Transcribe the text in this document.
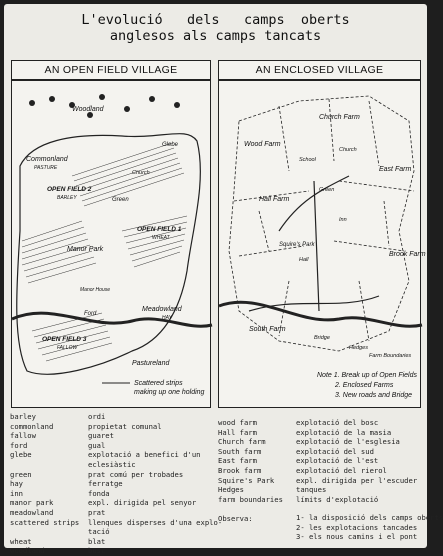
L'evolució   dels   camps  oberts
anglesos als camps tancats
AN OPEN FIELD VILLAGE
Woodland
Commonland
PASTURE
Glebe
Church
OPEN FIELD 2
BARLEY
OPEN FIELD 1
WHEAT
Green
Manor Park
Manor House
Meadowland
HAY
Ford
OPEN FIELD 3
FALLOW
Pastureland
Scattered strips
making up one holding
AN ENCLOSED VILLAGE
Church Farm
Wood Farm
Church
School
Green
East Farm
Hall Farm
Inn
Squire's Park
Hall
Brook Farm
South Farm
Bridge
Hedges
Farm Boundaries
Note 1. Break up of Open Fields
2. Enclosed Farms
3. New roads and Bridge
barley
commonland
fallow
ford
glebe

green
hay
inn
manor park
meadowland
scattered strips

wheat
woodland
ordi
propietat comunal
guaret
gual
explotació a benefici d'un
eclesiàstic
prat comú per trobades
ferratge
fonda
expl. dirigida pel senyor
prat
llenques disperses d'una explo-
tació
blat
bosc
wood farm
Hall farm
Church farm
South farm
East farm
Brook farm
Squire's Park
Hedges
farm boundaries

Observa:
explotació del bosc
explotació de la masia
explotació de l'esglesia
explotació del sud
explotació de l'est
explotació del rierol
expl. dirigida per l'escuder
tanques
límits d'explotació
1- la disposició dels camps oberts
2- les explotacions tancades
3- els nous camins i el pont
